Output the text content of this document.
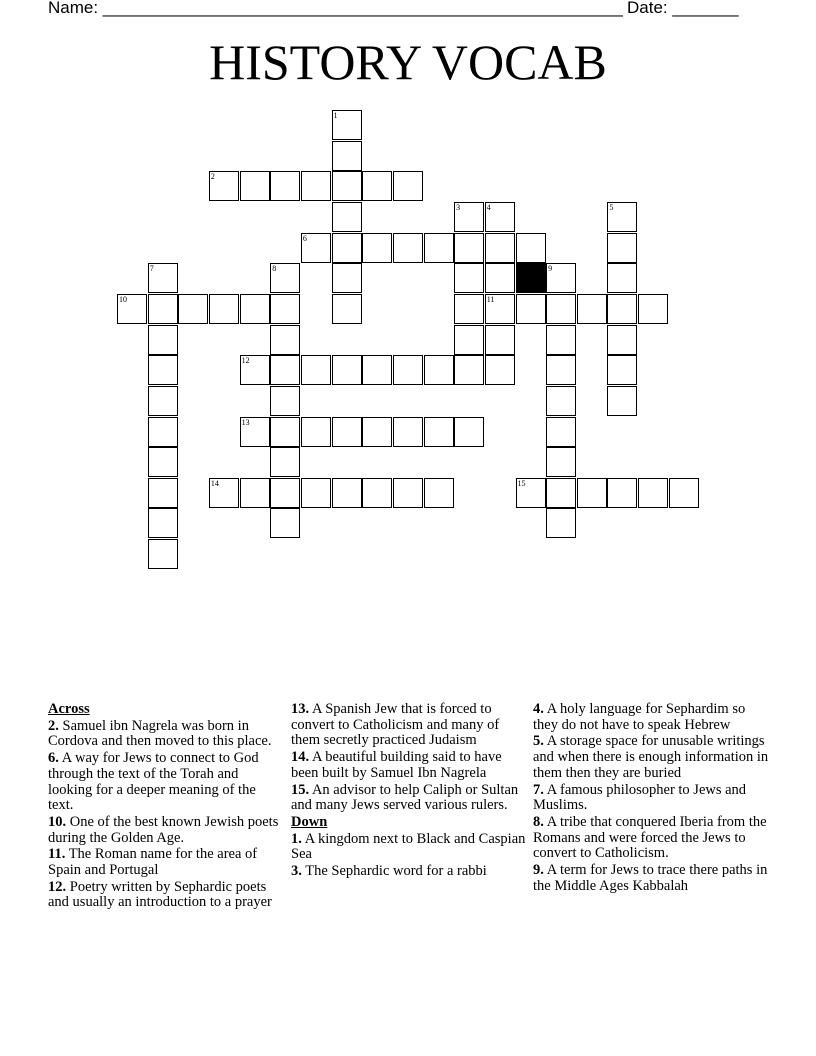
Name: _______________________________________________________ Date: _______
HISTORY VOCAB
2
6
10	11
12
13
14	15
1
3	4	5
7	8	9
Across
2. Samuel ibn Nagrela was born in Cordova and then moved to this place.
6. A way for Jews to connect to God through the text of the Torah and looking for a deeper meaning of the text.
10. One of the best known Jewish poets during the Golden Age.
11. The Roman name for the area of Spain and Portugal
12. Poetry written by Sephardic poets and usually an introduction to a prayer
13. A Spanish Jew that is forced to convert to Catholicism and many of them secretly practiced Judaism
14. A beautiful building said to have been built by Samuel Ibn Nagrela
15. An advisor to help Caliph or Sultan and many Jews served various rulers.
Down
1. A kingdom next to Black and Caspian Sea
3. The Sephardic word for a rabbi
4. A holy language for Sephardim so they do not have to speak Hebrew
5. A storage space for unusable writings and when there is enough information in them then they are buried
7. A famous philosopher to Jews and Muslims.
8. A tribe that conquered Iberia from the Romans and were forced the Jews to convert to Catholicism.
9. A term for Jews to trace there paths in the Middle Ages Kabbalah
